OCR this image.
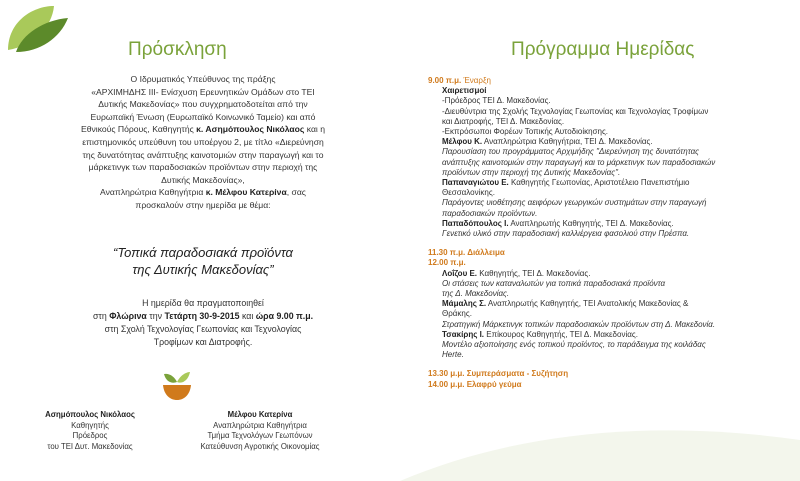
Πρόσκληση
Ο Ιδρυματικός Υπεύθυνος της πράξης
«ΑΡΧΙΜΗΔΗΣ ΙΙΙ- Ενίσχυση Ερευνητικών Ομάδων στο ΤΕΙ
Δυτικής Μακεδονίας» που συγχρηματοδοτείται από την
Ευρωπαϊκή Ένωση (Ευρωπαϊκό Κοινωνικό Ταμείο) και από
Εθνικούς Πόρους, Καθηγητής κ. Ασημόπουλος Νικόλαος και η
επιστημονικός υπεύθυνη του υποέργου 2, με τίτλο «Διερεύνηση
της δυνατότητας ανάπτυξης καινοτομιών στην παραγωγή και το
μάρκετινγκ των παραδοσιακών προϊόντων στην περιοχή της
Δυτικής Μακεδονίας»,
Αναπληρώτρια Καθηγήτρια κ. Μέλφου Κατερίνα, σας
προσκαλούν στην ημερίδα με θέμα:
“Τοπικά παραδοσιακά προϊόντα
της Δυτικής Μακεδονίας”
Η ημερίδα θα πραγματοποιηθεί
στη Φλώρινα την Τετάρτη 30-9-2015 και ώρα 9.00 π.μ.
στη Σχολή Τεχνολογίας Γεωπονίας και Τεχνολογίας
Τροφίμων και Διατροφής.
Ασημόπουλος Νικόλαος
Καθηγητής
Πρόεδρος
του ΤΕΙ Δυτ. Μακεδονίας
Μέλφου Κατερίνα
Αναπληρώτρια Καθηγήτρια
Τμήμα Τεχνολόγων Γεωπόνων
Κατεύθυνση Αγροτικής Οικονομίας
Πρόγραμμα Ημερίδας
9.00 π.μ. Έναρξη
Χαιρετισμοί
-Πρόεδρος ΤΕΙ Δ. Μακεδονίας.
-Διευθύντρια της Σχολής Τεχνολογίας Γεωπονίας και Τεχνολογίας Τροφίμων
και Διατροφής, ΤΕΙ Δ. Μακεδονίας.
-Εκπρόσωποι Φορέων Τοπικής Αυτοδιοίκησης.
Μέλφου Κ. Αναπληρώτρια Καθηγήτρια, ΤΕΙ Δ. Μακεδονίας.
Παρουσίαση του προγράμματος Αρχιμήδης "Διερεύνηση της δυνατότητας
ανάπτυξης καινοτομιών στην παραγωγή και το μάρκετινγκ των παραδοσιακών
προϊόντων στην περιοχή της Δυτικής Μακεδονίας".
Παπαναγιώτου Ε. Καθηγητής Γεωπονίας, Αριστοτέλειο Πανεπιστήμιο
Θεσσαλονίκης.
Παράγοντες υιοθέτησης αειφόρων γεωργικών συστημάτων στην παραγωγή
παραδοσιακών προϊόντων.
Παπαδόπουλος Ι. Αναπληρωτής Καθηγητής, ΤΕΙ Δ. Μακεδονίας.
Γενετικό υλικό στην παραδοσιακή καλλιέργεια φασολιού στην Πρέσπα.
11.30 π.μ. Διάλλειμα
12.00 π.μ.
Λοΐζου Ε. Καθηγητής, ΤΕΙ Δ. Μακεδονίας.
Οι στάσεις των καταναλωτών για τοπικά παραδοσιακά προϊόντα
της Δ. Μακεδονίας.
Μάμαλης Σ. Αναπληρωτής Καθηγητής, ΤΕΙ Ανατολικής Μακεδονίας &
Θράκης.
Στρατηγική Μάρκετινγκ τοπικών παραδοσιακών προϊόντων στη Δ. Μακεδονία.
Τσακίρης Ι. Επίκουρος Καθηγητής, ΤΕΙ Δ. Μακεδονίας.
Μοντέλο αξιοποίησης ενός τοπικού προϊόντος, το παράδειγμα της κοιλάδας
Herte.
13.30 μ.μ. Συμπεράσματα - Συζήτηση
14.00 μ.μ. Ελαφρύ γεύμα
